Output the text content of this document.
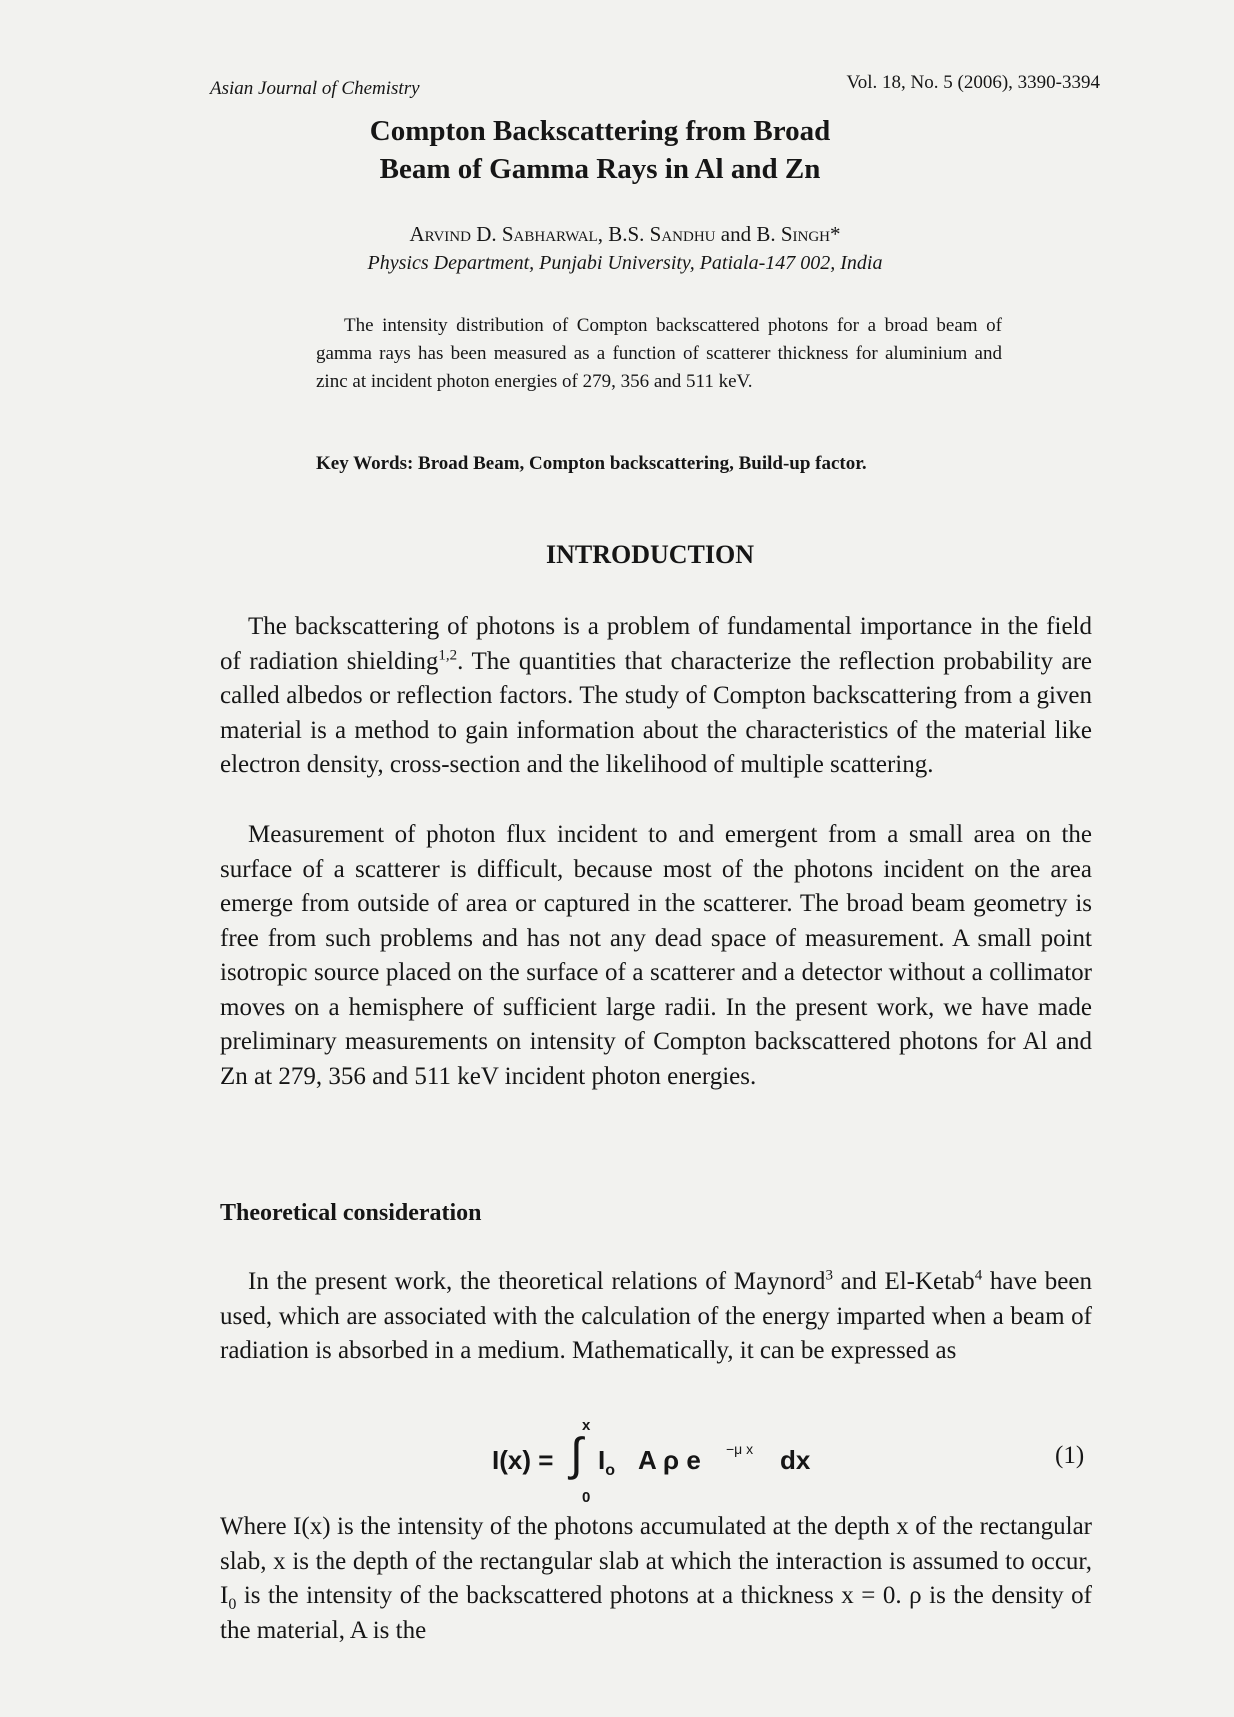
Asian Journal of Chemistry	Vol. 18, No. 5 (2006), 3390-3394
Compton Backscattering from Broad
Beam of Gamma Rays in Al and Zn
Arvind D. Sabharwal, B.S. Sandhu and B. Singh*
Physics Department, Punjabi University, Patiala-147 002, India
The intensity distribution of Compton backscattered photons for a broad beam of gamma rays has been measured as a function of scatterer thickness for aluminium and zinc at incident photon energies of 279, 356 and 511 keV.
Key Words: Broad Beam, Compton backscattering, Build-up factor.
INTRODUCTION
The backscattering of photons is a problem of fundamental importance in the field of radiation shielding$^{1,2}$. The quantities that characterize the reflection probability are called albedos or reflection factors. The study of Compton backscattering from a given material is a method to gain information about the characteristics of the material like electron density, cross-section and the likelihood of multiple scattering.
Measurement of photon flux incident to and emergent from a small area on the surface of a scatterer is difficult, because most of the photons incident on the area emerge from outside of area or captured in the scatterer. The broad beam geometry is free from such problems and has not any dead space of measurement. A small point isotropic source placed on the surface of a scatterer and a detector without a collimator moves on a hemisphere of sufficient large radii. In the present work, we have made preliminary measurements on intensity of Compton backscattered photons for Al and Zn at 279, 356 and 511 keV incident photon energies.
Theoretical consideration
In the present work, the theoretical relations of Maynord$^3$ and El-Ketab$^4$ have been used, which are associated with the calculation of the energy imparted when a beam of radiation is absorbed in a medium. Mathematically, it can be expressed as
I(x) =
x
∫
0
$I_o$ A ρ e −μ x dx	(1)
Where I(x) is the intensity of the photons accumulated at the depth x of the rectangular slab, x is the depth of the rectangular slab at which the interaction is assumed to occur, $I_0$ is the intensity of the backscattered photons at a thickness x = 0. ρ is the density of the material, A is the
